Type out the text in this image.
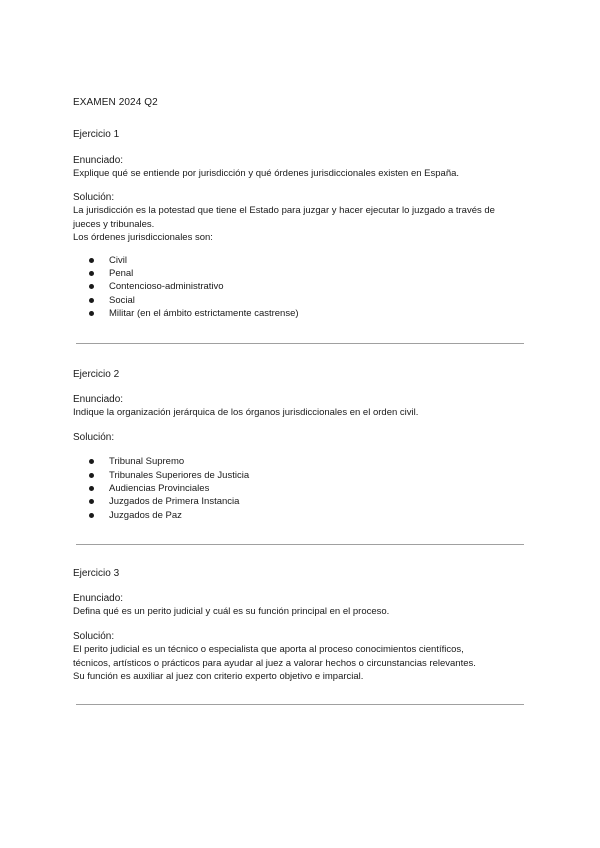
EXAMEN 2024 Q2
Ejercicio 1
Enunciado:
Explique qué se entiende por jurisdicción y qué órdenes jurisdiccionales existen en España.
Solución:
La jurisdicción es la potestad que tiene el Estado para juzgar y hacer ejecutar lo juzgado a través de
jueces y tribunales.
Los órdenes jurisdiccionales son:
Civil
Penal
Contencioso-administrativo
Social
Militar (en el ámbito estrictamente castrense)
Ejercicio 2
Enunciado:
Indique la organización jerárquica de los órganos jurisdiccionales en el orden civil.
Solución:
Tribunal Supremo
Tribunales Superiores de Justicia
Audiencias Provinciales
Juzgados de Primera Instancia
Juzgados de Paz
Ejercicio 3
Enunciado:
Defina qué es un perito judicial y cuál es su función principal en el proceso.
Solución:
El perito judicial es un técnico o especialista que aporta al proceso conocimientos científicos,
técnicos, artísticos o prácticos para ayudar al juez a valorar hechos o circunstancias relevantes.
Su función es auxiliar al juez con criterio experto objetivo e imparcial.
